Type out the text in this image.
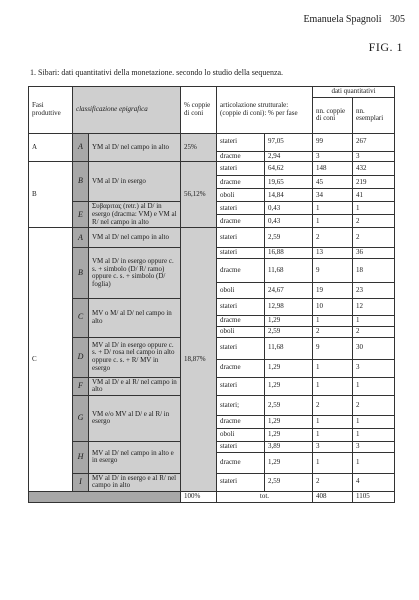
Emanuela Spagnoli 305
FIG. 1
1. Sibari: dati quantitativi della monetazione. secondo lo studio della sequenza.
Fasi produttive	classificazione epigrafica		% coppie di coni	articolazione strutturale:(coppie di coni): % per fase		dati quantitativi	
						nn. coppie di coni	nn. esemplari
A	A	YM al D/ nel campo in alto	25%	stateri	97,05	99	267
				dracme	2,94	3	3
B	B	VM al D/ in esergo	56,12%	stateri	64,62	148	432
				dracme	19,65	45	219
				oboli	14,84	34	41
	E	Συβαριτας (retr.) al D/ in esergo (dracma: VM) e VM al R/ nel campo in alto		stateri	0,43	1	1
				dracme	0,43	1	2
C	A	VM al D/ nel campo in alto	18,87%	stateri	2,59	2	2
	B	VM al D/ in esergo oppure c. s. + simbolo (D/ R/ ramo) oppure c. s. + simbolo (D/ foglia)		stateri	16,88	13	36
				dracme	11,68	9	18
				oboli	24,67	19	23
	C	MV o M/ al D/ nel campo in alto		stateri	12,98	10	12
				dracme	1,29	1	1
				oboli	2,59	2	2
	D	MV al D/ in esergo oppure c. s. + D/ rosa nel campo in alto oppure c. s. + R/ MV in esergo		stateri	11,68	9	30
				dracme	1,29	1	3
	F	VM al D/ e al R/ nel campo in alto		stateri	1,29	1	1
	G	VM e/o MV al D/ e al R/ in esergo		stateri;	2,59	2	2
				dracme	1,29	1	1
				oboli	1,29	1	1
	H	MV al D/ nel campo in alto e in esergo		stateri	3,89	3	3
				dracme	1,29	1	1
	I	MV al D/ in esergo e al R/ nel campo in alto		stateri	2,59	2	4
			100%	tot.		408	1105
